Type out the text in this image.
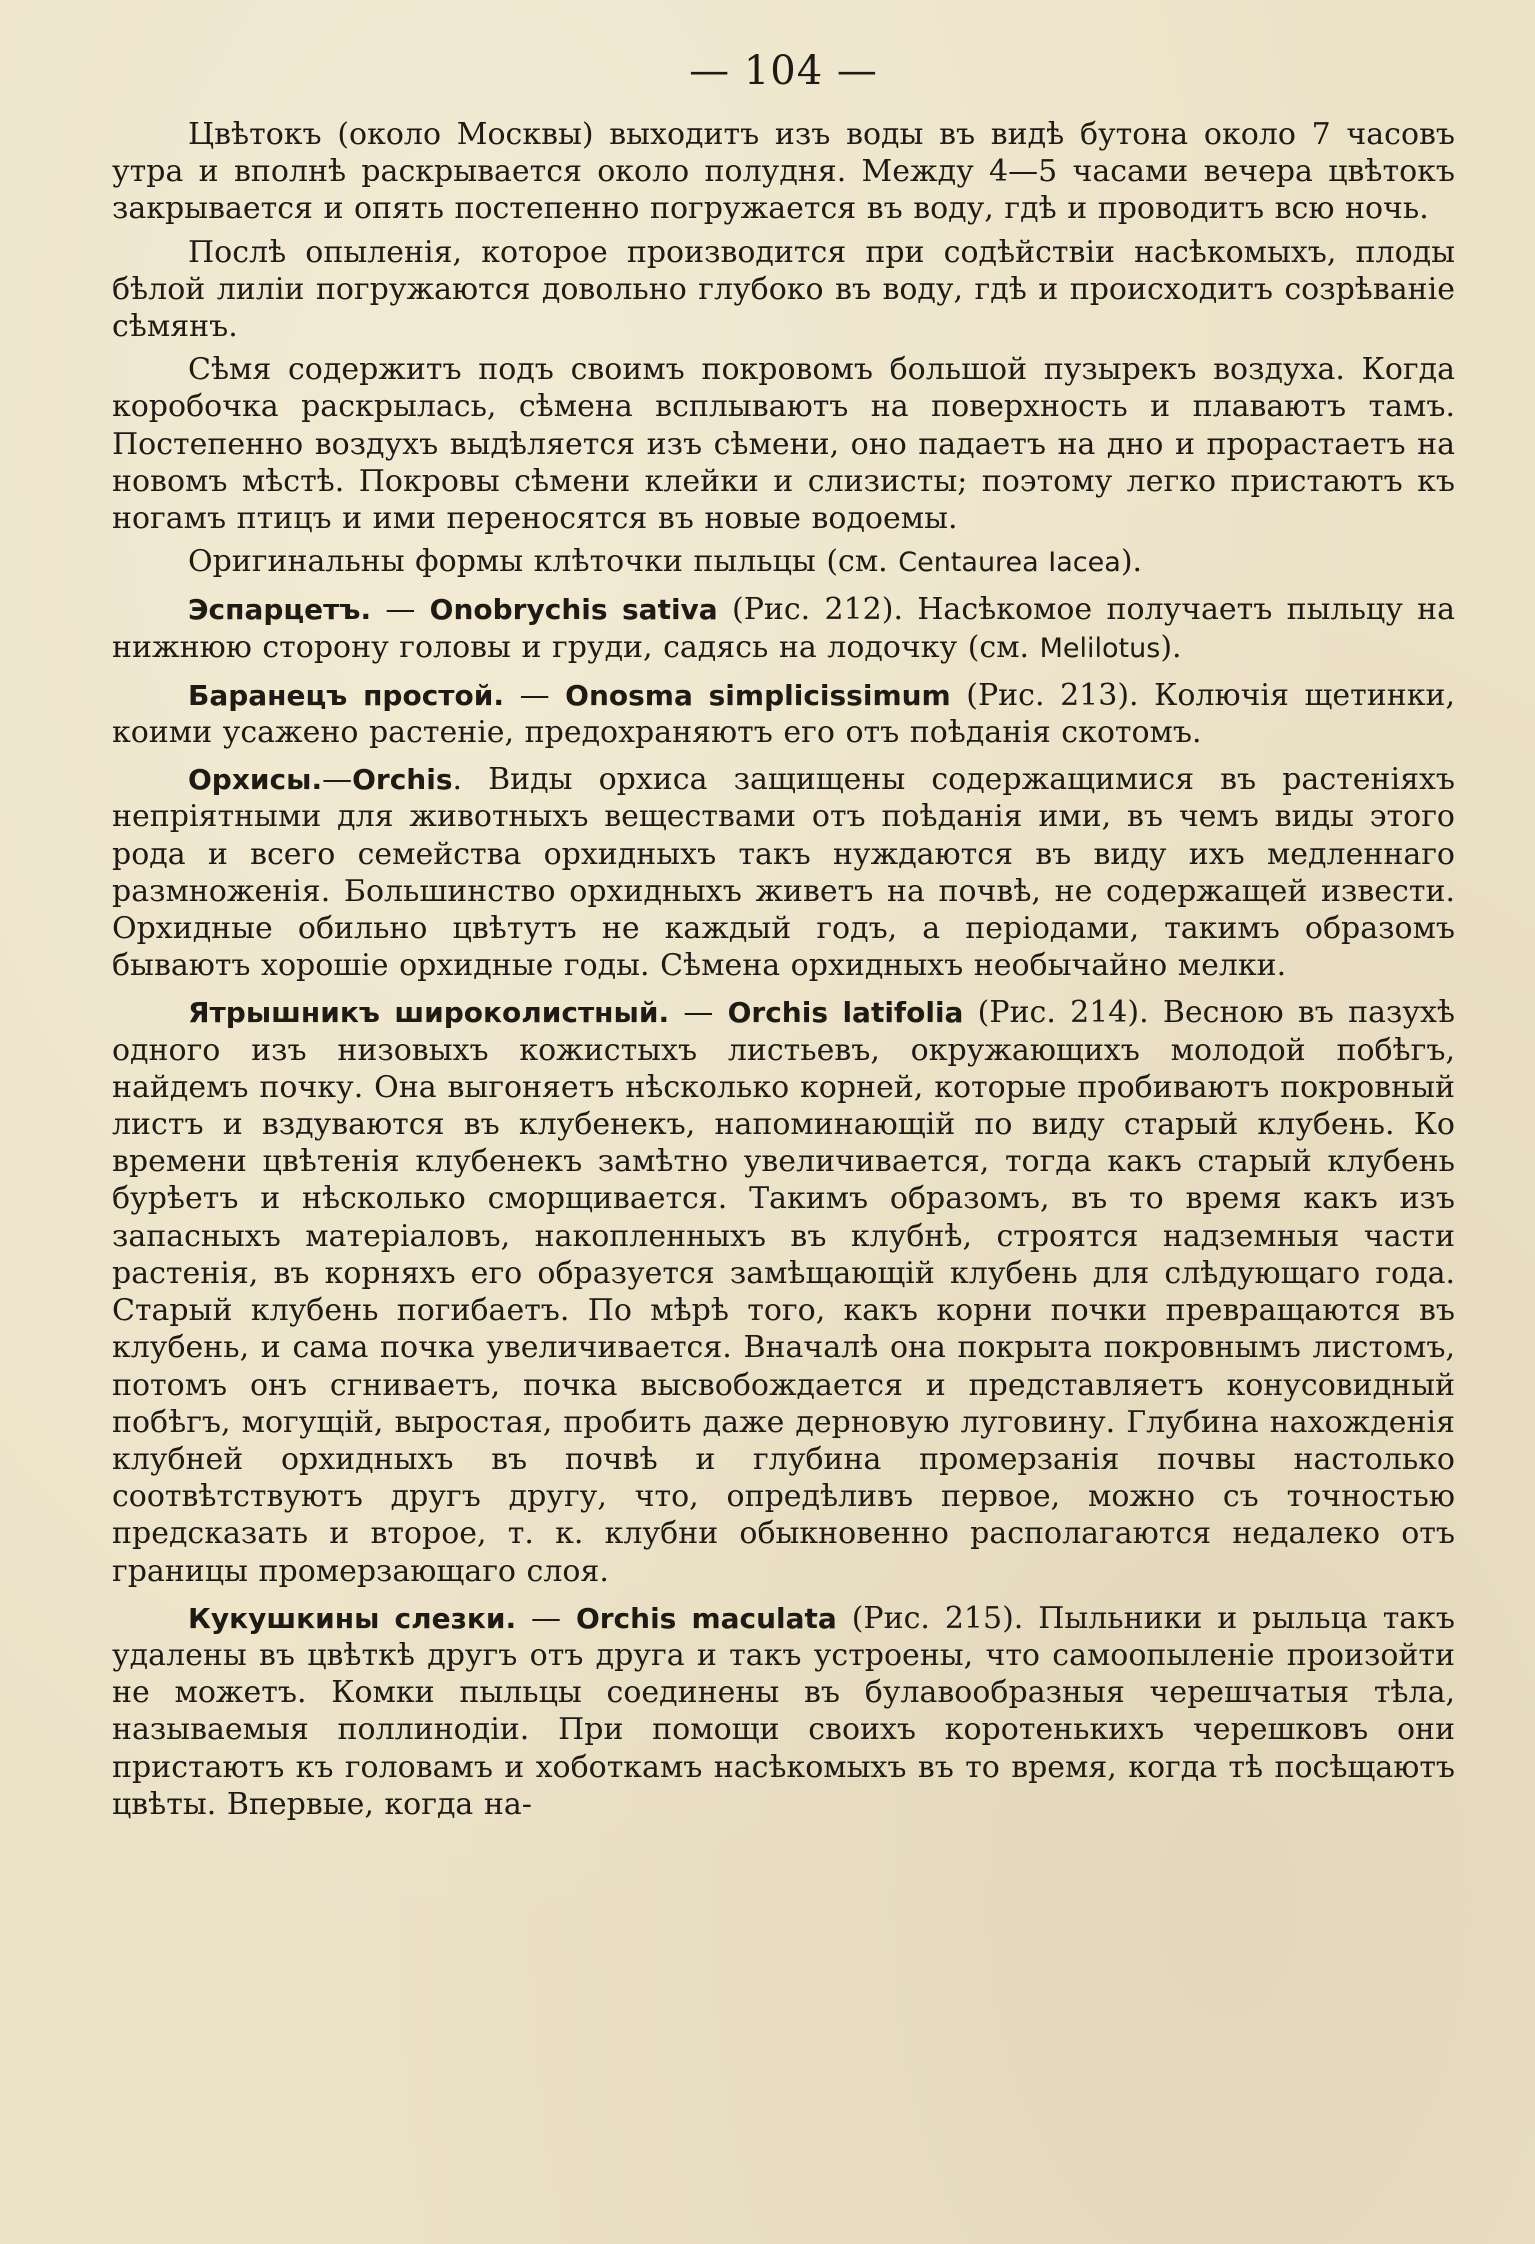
— 104 —

Цвѣтокъ (около Москвы) выходитъ изъ воды въ видѣ бутона около 7 часовъ утра и вполнѣ раскрывается около полудня. Между 4—5 часами вечера цвѣтокъ закрывается и опять постепенно погружается въ воду, гдѣ и проводитъ всю ночь.

Послѣ опыленія, которое производится при содѣйствіи насѣкомыхъ, плоды бѣлой лиліи погружаются довольно глубоко въ воду, гдѣ и происходитъ созрѣваніе сѣмянъ.

Сѣмя содержитъ подъ своимъ покровомъ большой пузырекъ воздуха. Когда коробочка раскрылась, сѣмена всплываютъ на поверхность и плаваютъ тамъ. Постепенно воздухъ выдѣляется изъ сѣмени, оно падаетъ на дно и прорастаетъ на новомъ мѣстѣ. Покровы сѣмени клейки и слизисты; поэтому легко пристаютъ къ ногамъ птицъ и ими переносятся въ новые водоемы.

Оригинальны формы клѣточки пыльцы (см. Centaurea Iacea).

Эспарцетъ. — Onobrychis sativa (Рис. 212). Насѣкомое получаетъ пыльцу на нижнюю сторону головы и груди, садясь на лодочку (см. Melilotus).

Баранецъ простой. — Onosma simplicissimum (Рис. 213). Колючія щетинки, коими усажено растеніе, предохраняютъ его отъ поѣданія скотомъ.

Орхисы.—Orchis. Виды орхиса защищены содержащимися въ растеніяхъ непріятными для животныхъ веществами отъ поѣданія ими, въ чемъ виды этого рода и всего семейства орхидныхъ такъ нуждаются въ виду ихъ медленнаго размноженія. Большинство орхидныхъ живетъ на почвѣ, не содержащей извести. Орхидные обильно цвѣтутъ не каждый годъ, а періодами, такимъ образомъ бываютъ хорошіе орхидные годы. Сѣмена орхидныхъ необычайно мелки.

Ятрышникъ широколистный. — Orchis latifolia (Рис. 214). Весною въ пазухѣ одного изъ низовыхъ кожистыхъ листьевъ, окружающихъ молодой побѣгъ, найдемъ почку. Она выгоняетъ нѣсколько корней, которые пробиваютъ покровный листъ и вздуваются въ клубенекъ, напоминающій по виду старый клубень. Ко времени цвѣтенія клубенекъ замѣтно увеличивается, тогда какъ старый клубень бурѣетъ и нѣсколько сморщивается. Такимъ образомъ, въ то время какъ изъ запасныхъ матеріаловъ, накопленныхъ въ клубнѣ, строятся надземныя части растенія, въ корняхъ его образуется замѣщающій клубень для слѣдующаго года. Старый клубень погибаетъ. По мѣрѣ того, какъ корни почки превращаются въ клубень, и сама почка увеличивается. Вначалѣ она покрыта покровнымъ листомъ, потомъ онъ сгниваетъ, почка высвобождается и представляетъ конусовидный побѣгъ, могущій, выростая, пробить даже дерновую луговину. Глубина нахожденія клубней орхидныхъ въ почвѣ и глубина промерзанія почвы настолько соотвѣтствуютъ другъ другу, что, опредѣливъ первое, можно съ точностью предсказать и второе, т. к. клубни обыкновенно располагаются недалеко отъ границы промерзающаго слоя.

Кукушкины слезки. — Orchis maculata (Рис. 215). Пыльники и рыльца такъ удалены въ цвѣткѣ другъ отъ друга и такъ устроены, что самоопыленіе произойти не можетъ. Комки пыльцы соединены въ булавообразныя черешчатыя тѣла, называемыя поллинодіи. При помощи своихъ коротенькихъ черешковъ они пристаютъ къ головамъ и хоботкамъ насѣкомыхъ въ то время, когда тѣ посѣщаютъ цвѣты. Впервые, когда на-
